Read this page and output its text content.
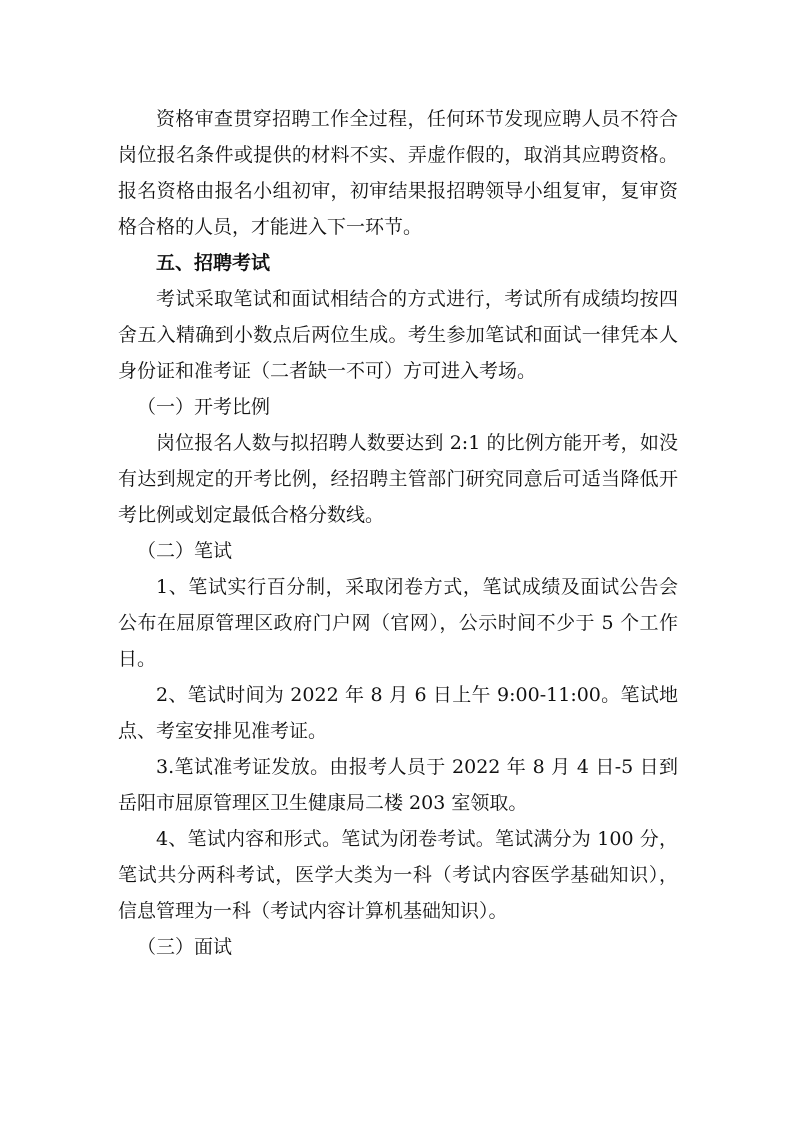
资格审查贯穿招聘工作全过程，任何环节发现应聘人员不符合岗位报名条件或提供的材料不实、弄虚作假的，取消其应聘资格。报名资格由报名小组初审，初审结果报招聘领导小组复审，复审资格合格的人员，才能进入下一环节。

五、招聘考试

考试采取笔试和面试相结合的方式进行，考试所有成绩均按四舍五入精确到小数点后两位生成。考生参加笔试和面试一律凭本人身份证和准考证（二者缺一不可）方可进入考场。

（一）开考比例

岗位报名人数与拟招聘人数要达到 2:1 的比例方能开考，如没有达到规定的开考比例，经招聘主管部门研究同意后可适当降低开考比例或划定最低合格分数线。

（二）笔试

1、笔试实行百分制，采取闭卷方式，笔试成绩及面试公告会公布在屈原管理区政府门户网（官网），公示时间不少于 5 个工作日。

2、笔试时间为 2022 年 8 月 6 日上午 9:00-11:00。笔试地点、考室安排见准考证。

3.笔试准考证发放。由报考人员于 2022 年 8 月 4 日-5 日到岳阳市屈原管理区卫生健康局二楼 203 室领取。

4、笔试内容和形式。笔试为闭卷考试。笔试满分为 100 分，笔试共分两科考试，医学大类为一科（考试内容医学基础知识），信息管理为一科（考试内容计算机基础知识）。

（三）面试
